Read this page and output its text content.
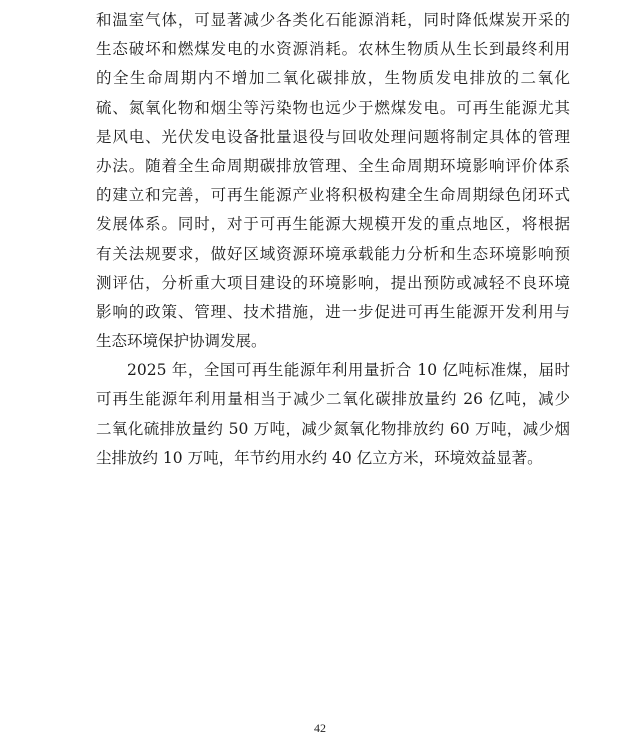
和温室气体，可显著减少各类化石能源消耗，同时降低煤炭开采的
生态破坏和燃煤发电的水资源消耗。农林生物质从生长到最终利用
的全生命周期内不增加二氧化碳排放，生物质发电排放的二氧化
硫、氮氧化物和烟尘等污染物也远少于燃煤发电。可再生能源尤其
是风电、光伏发电设备批量退役与回收处理问题将制定具体的管理
办法。随着全生命周期碳排放管理、全生命周期环境影响评价体系
的建立和完善，可再生能源产业将积极构建全生命周期绿色闭环式
发展体系。同时，对于可再生能源大规模开发的重点地区，将根据
有关法规要求，做好区域资源环境承载能力分析和生态环境影响预
测评估，分析重大项目建设的环境影响，提出预防或减轻不良环境
影响的政策、管理、技术措施，进一步促进可再生能源开发利用与
生态环境保护协调发展。
2025 年，全国可再生能源年利用量折合 10 亿吨标准煤，届时
可再生能源年利用量相当于减少二氧化碳排放量约 26 亿吨，减少
二氧化硫排放量约 50 万吨，减少氮氧化物排放约 60 万吨，减少烟
尘排放约 10 万吨，年节约用水约 40 亿立方米，环境效益显著。
42
